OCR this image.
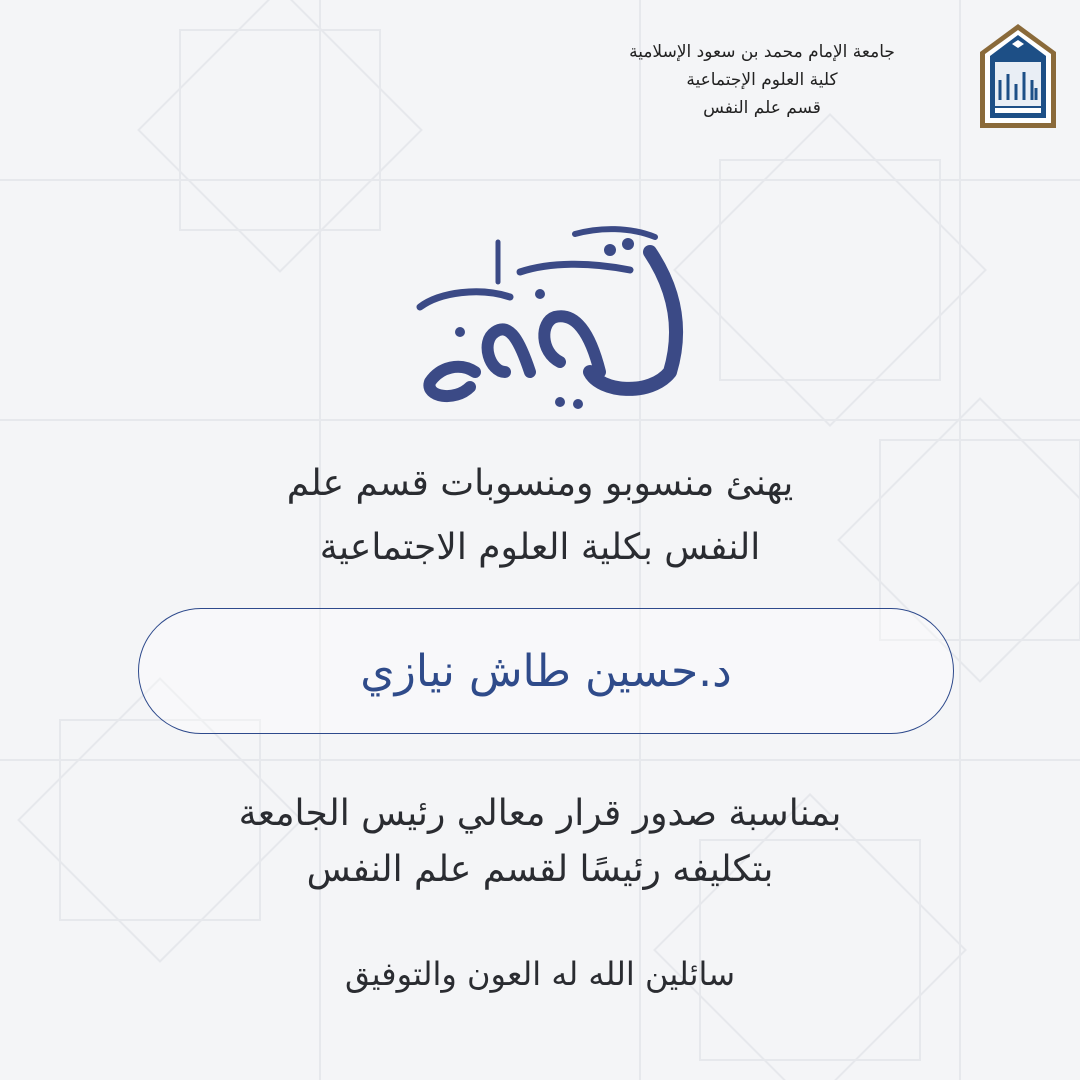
جامعة الإمام محمد بن سعود الإسلامية
كلية العلوم الإجتماعية
قسم علم النفس
يهنئ منسوبو ومنسوبات قسم علم
النفس بكلية العلوم الاجتماعية
د.حسين طاش نيازي
بمناسبة صدور قرار معالي رئيس الجامعة
بتكليفه رئيسًا لقسم علم النفس
سائلين الله له العون والتوفيق
